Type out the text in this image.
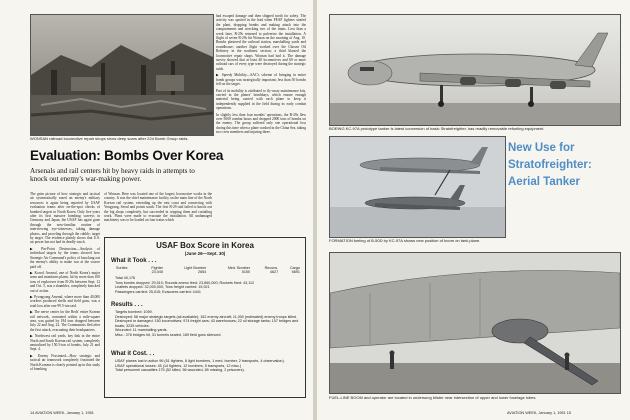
WONSAN railroad locomotive repair shops show deep scars after 22d Bomb Group raids.
had escaped damage and then shipped north for safety. The activity was spotted in the lead when FEAF fighters strafed the plant, dropping bombs and making attack into the compartments and wrecking two of the trains. Less than a week later, B-29s returned to pulverize the installation. A flight of seven B-29s hit Wonsan on the morning of Aug. 10. Bombs plastered the railroad station, marshalling yards and roundhouse; another flight worked over the Chosen Oil Refinery in the northeast section; a third blasted the locomotive repair shops. Wonsan had had it. The damage survey showed that at least 40 locomotives and 60 or more railroad cars of every type were destroyed during the strategic raids.
▶ Speedy Mobility—SAC's scheme of bringing in entire bomb groups was strategically important; less than 50 bombs fell on the target.
Part of its mobility is attributed to fly-away maintenance kits, carried in the planes' bombbays, which ensure enough material being carried with each plane to keep it independently supplied in the field during its early combat operations.
In slightly less than four months' operations, the B-29s flew over 5000 combat hours and dropped 2000 tons of bombs on the enemy. The group suffered only one operational loss during this time when a plane crashed in the China Sea, taking two crew members and injuring three.
Evaluation: Bombs Over Korea
Arsenals and rail centers hit by heavy raids in attempts to knock out enemy's war-making power.
The grim picture of how strategic and tactical air systematically razed an enemy's military resources is again being reported by USAF evaluation teams after on-the-spot checks of bombed targets in North Korea. Only five years after its first massive bombing surveys in Germany and Japan, the USAF has again gone through the now-familiar routine of interviewing eye-witnesses, taking damage photos, and prowling through the rubble, target by target. The evidence plainly shows that U.S. air power has not had its deadly touch.
▶ Pin-Point Destruction—Analysis of individual targets by the teams showed how Strategic Air Command's policy of knocking out the enemy's ability to make war at the source paid off.
▶ Kowol Arsenal, one of North Korea's major arms and munitions plants, hit by more than 100 tons of explosives from B-29s between Sept. 12 and Oct. 5, was a shambles, completely knocked out of action.
▶ Pyongyang Arsenal, where more than 40,000 workers produced shells and field guns, was a total loss after one 99.5-ton raid.
▶ The nerve center for the Reds' entire Korean rail network, contained within a mile-square area, was gutted by 184 tons dropped between July 22 and Aug. 22. The Communists fled after the first attack, evacuating their headquarters.
▶ Northwest rail yards, key link in the entire North and South Korean rail system, completely neutralized by 150.5-ton of bombs, July 21 and Sept. 4.
▶ Enemy Frustrated—How strategic and tactical air teamwork completely frustrated the North Koreans is clearly pointed up in this study of bombing
of Wonsan. Here was located one of the largest locomotive works in the country. It was the chief maintenance facility on the main line of the North Korean rail system, extending up the east coast and connecting with Yongyang, Seoul and points south. The first B-29 raid failed to knock out the big shops completely, but succeeded in cripping them and curtailing work. Plans were made to evacuate the installation. All undamaged machinery was to be loaded on four trains which
USAF Box Score in Korea
(June 26—Sept. 30)
What it Took . . .
Sorties	Fighter	Light Bomber	Med. Bomber	Recons.	Cargo
	23,045	2654	5150	4627	6691
Total 40,176
Tons bombs dropped: 29,510; Rounds ammo fired: 23,860,000; Rockets fired: 43,112
Leaflets dropped: 32,000,000; Tons freight carried: 15,921
Passengers carried: 25,015; Evacuees carried: 4441
Results . . .
Targets bombed: 1059.
Destroyed: 58 major strategic targets (all available); 152 enemy aircraft; 11,000 (estimated) enemy troops killed.
Destroyed or damaged: 150 locomotives; 974 freight cars; 43 warehouses; 22 oil storage tanks; 107 bridges and boats; 3235 vehicles.
Wounded: 11 marshalling yards.
Misc.: 376 bridges hit, 31 tunnels sealed, 189 field guns silenced.
What it Cost. . .
USAF planes lost in action 96 (51 fighters, 8 light bombers, 1 med. bomber, 2 transports, 4 observation).
USAF operational losses: 45 (14 fighters, 12 bombers, 5 transports, 12 misc.)
Total personnel casualties 175 (52 killed, 56 wounded, 65 missing, 2 prisoners).
14 AVIATION WEEK, January 1, 1951
BOEING KC-97A prototype tanker is latest conversion of basic Stratofreighter, has readily removable refueling equipment.
FORMATION fueling of B-50D by KC-97A shows new position of boom on tank plane.
New Use for
Stratofreighter:
Aerial Tanker
FUEL-LINE BOOM and operator are located in undersung blister near intersection of upper and lower fuselage lobes.
AVIATION WEEK, January 1, 1951 15
